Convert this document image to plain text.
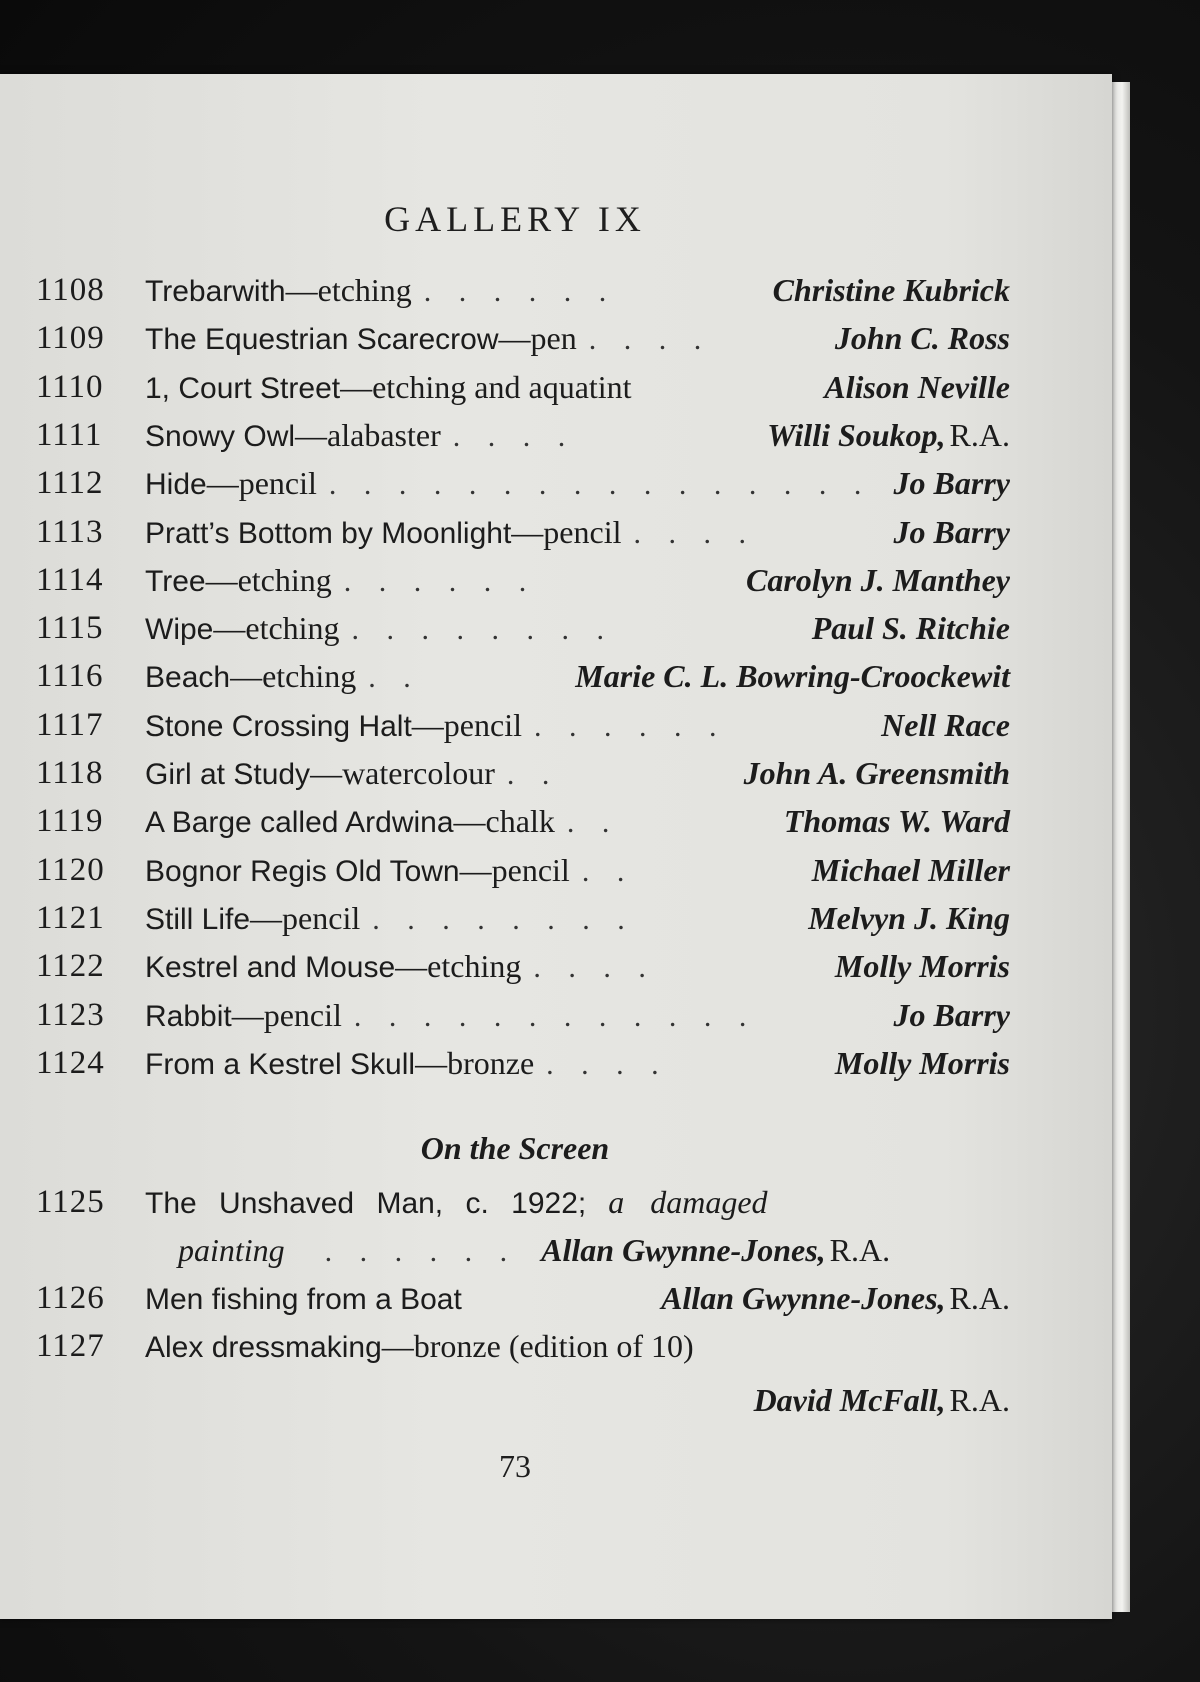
GALLERY IX
1108 Trebarwith —etching . . . . . .	Christine Kubrick
1109 The Equestrian Scarecrow —pen . . . .	John C. Ross
1110 1, Court Street —etching and aquatint	Alison Neville
1111 Snowy Owl —alabaster . . . .	Willi Soukop, R.A.
1112 Hide —pencil . . . . . . . . . . . . . . . . Jo Barry
1113 Pratt’s Bottom by Moonlight —pencil . . . .	Jo Barry
1114 Tree —etching . . . . . .	Carolyn J. Manthey
1115 Wipe —etching . . . . . . . .	Paul S. Ritchie
1116 Beach —etching . .	Marie C. L. Bowring-Croockewit
1117 Stone Crossing Halt —pencil . . . . . .	Nell Race
1118 Girl at Study —watercolour . .	John A. Greensmith
1119 A Barge called Ardwina —chalk . .	Thomas W. Ward
1120 Bognor Regis Old Town —pencil . .	Michael Miller
1121 Still Life —pencil . . . . . . . .	Melvyn J. King
1122 Kestrel and Mouse —etching . . . .	Molly Morris
1123 Rabbit —pencil . . . . . . . . . . . .	Jo Barry
1124 From a Kestrel Skull —bronze . . . .	Molly Morris
On the Screen
1125 The Unshaved Man, c. 1922; a damaged
painting . . . . . . Allan Gwynne-Jones, R.A.
1126 Men fishing from a Boat	Allan Gwynne-Jones, R.A.
1127 Alex dressmaking —bronze (edition of 10)
David McFall, R.A.
73
